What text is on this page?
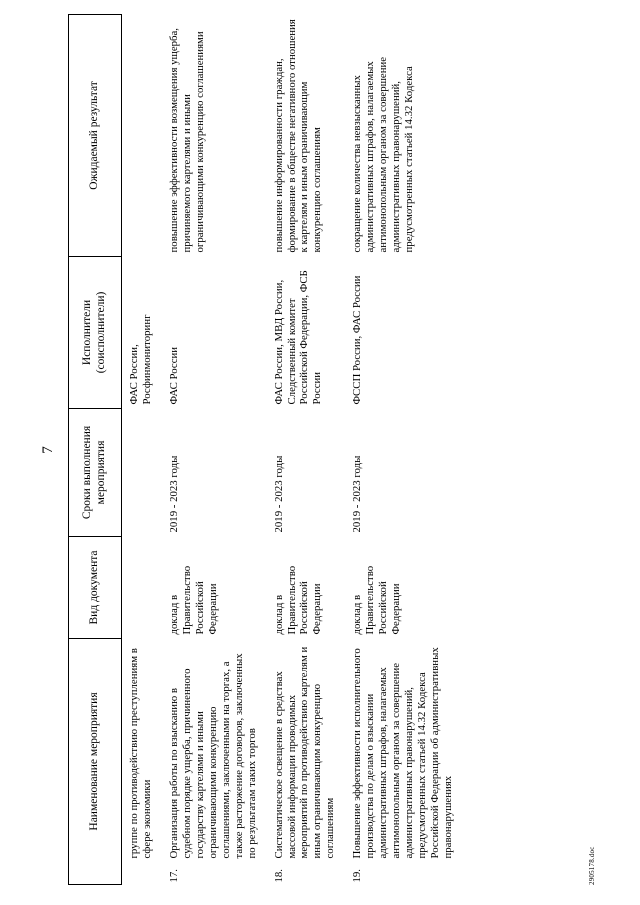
7
Наименование мероприятия		Вид документа	Сроки выполнения мероприятия	Исполнители (соисполнители)	Ожидаемый результат
	группе по противодействию преступлениям в сфере экономики			ФАС России, Росфинмониторинг	
17.	Организация работы по взысканию в судебном порядке ущерба, причиненного государству картелями и иными ограничивающими конкуренцию соглашениями, заключенными на торгах, а также расторжение договоров, заключенных по результатам таких торгов	доклад в Правительство Российской Федерации	2019 - 2023 годы	ФАС России	повышение эффективности возмещения ущерба, причиняемого картелями и иными ограничивающими конкуренцию соглашениями
18.	Систематическое освещение в средствах массовой информации проводимых мероприятий по противодействию картелям и иным ограничивающим конкуренцию соглашениям	доклад в Правительство Российской Федерации	2019 - 2023 годы	ФАС России, МВД России, Следственный комитет Российской Федерации, ФСБ России	повышение информированности граждан, формирование в обществе негативного отношения к картелям и иным ограничивающим конкуренцию соглашениям
19.	Повышение эффективности исполнительного производства по делам о взыскании административных штрафов, налагаемых антимонопольным органом за совершение административных правонарушений, предусмотренных статьей 14.32 Кодекса Российской Федерации об административных правонарушениях	доклад в Правительство Российской Федерации	2019 - 2023 годы	ФССП России, ФАС России	сокращение количества невзысканных административных штрафов, налагаемых антимонопольным органом за совершение административных правонарушений, предусмотренных статьей 14.32 Кодекса
2905178.doc
